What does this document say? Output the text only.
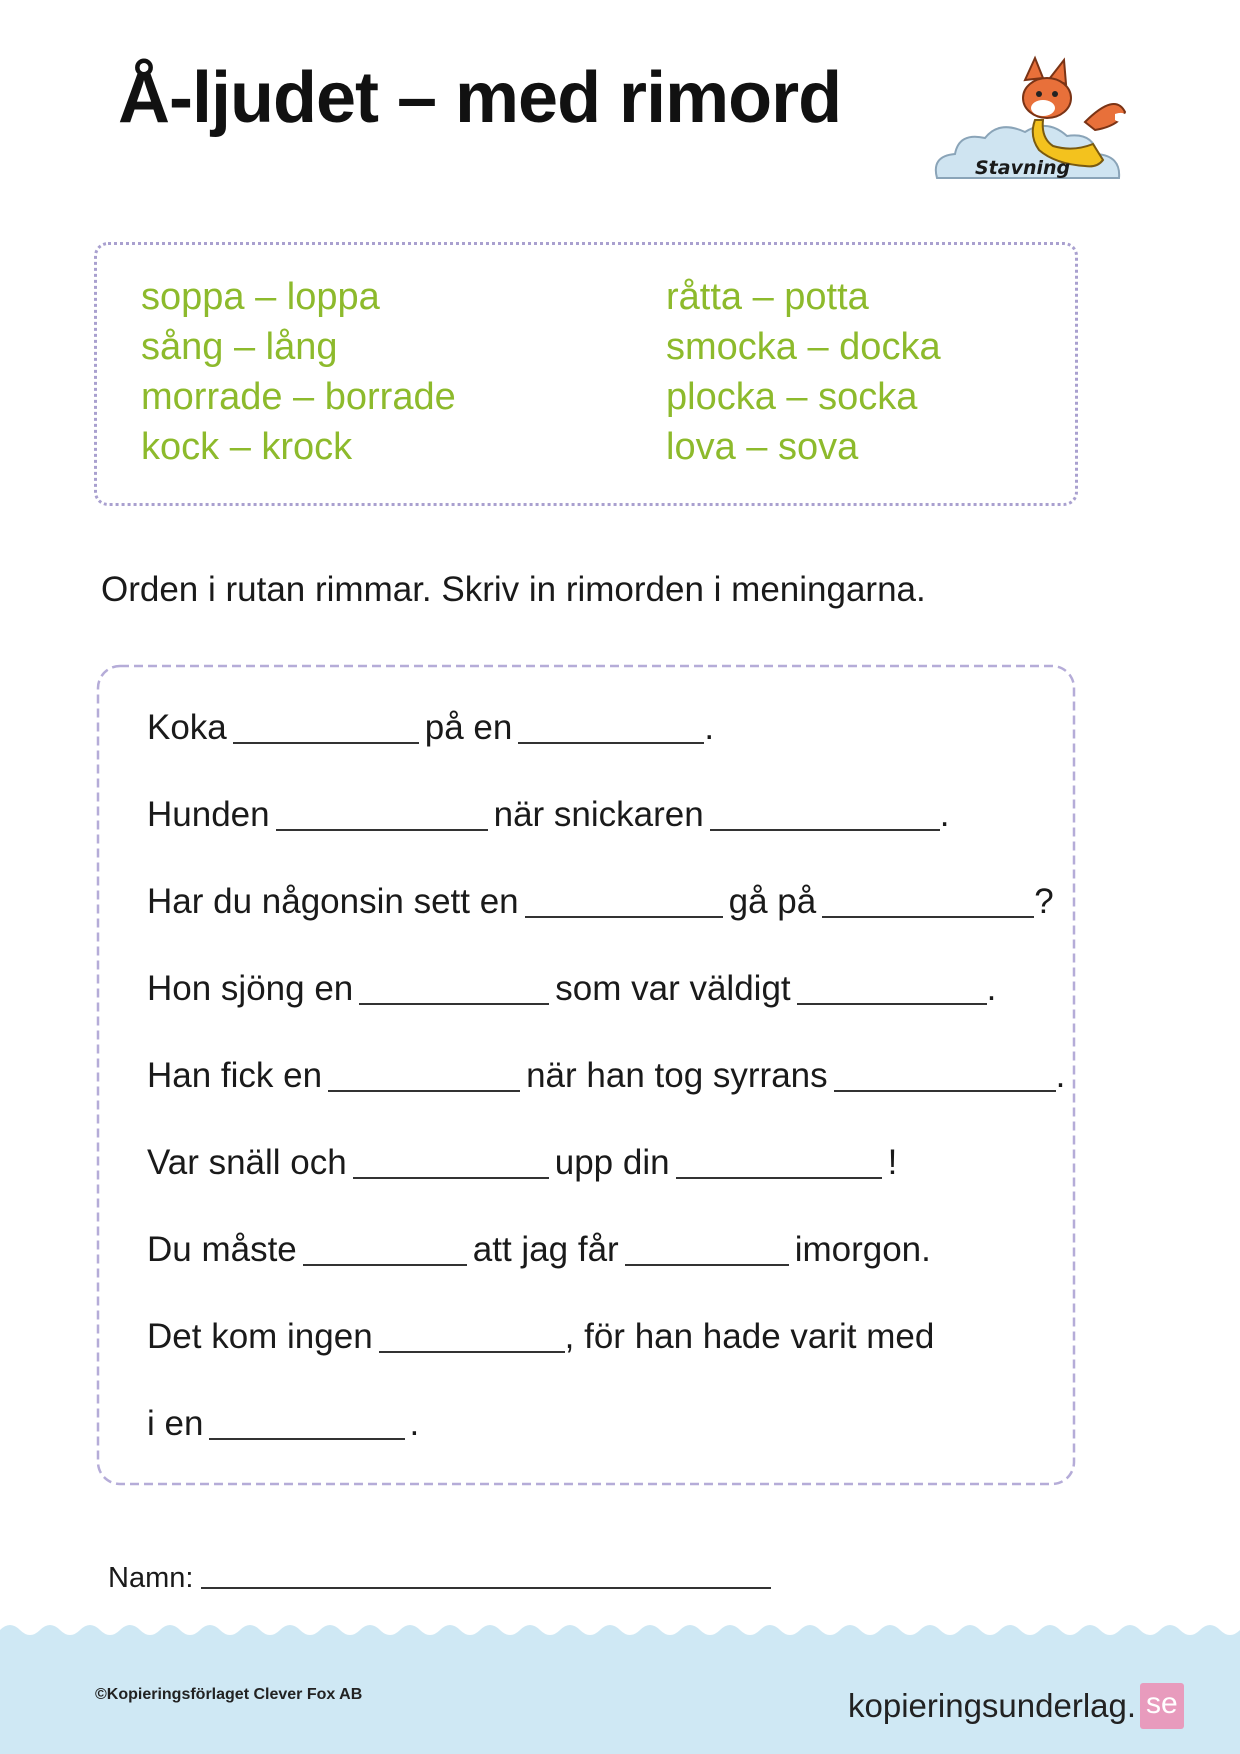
Å-ljudet – med rimord
Stavning
soppa – loppa
sång – lång
morrade – borrade
kock – krock
råtta – potta
smocka – docka
plocka – socka
lova – sova
Orden i rutan rimmar. Skriv in rimorden i meningarna.
Koka	på en	.
Hunden	när snickaren	.
Har du någonsin sett en	gå på	?
Hon sjöng en	som var väldigt	.
Han fick en	när han tog syrrans	.
Var snäll och	upp din	!
Du måste	att jag får	imorgon.
Det kom ingen	, för han hade varit med
i en	.
Namn:
©Kopieringsförlaget Clever Fox AB	kopieringsunderlag. se
